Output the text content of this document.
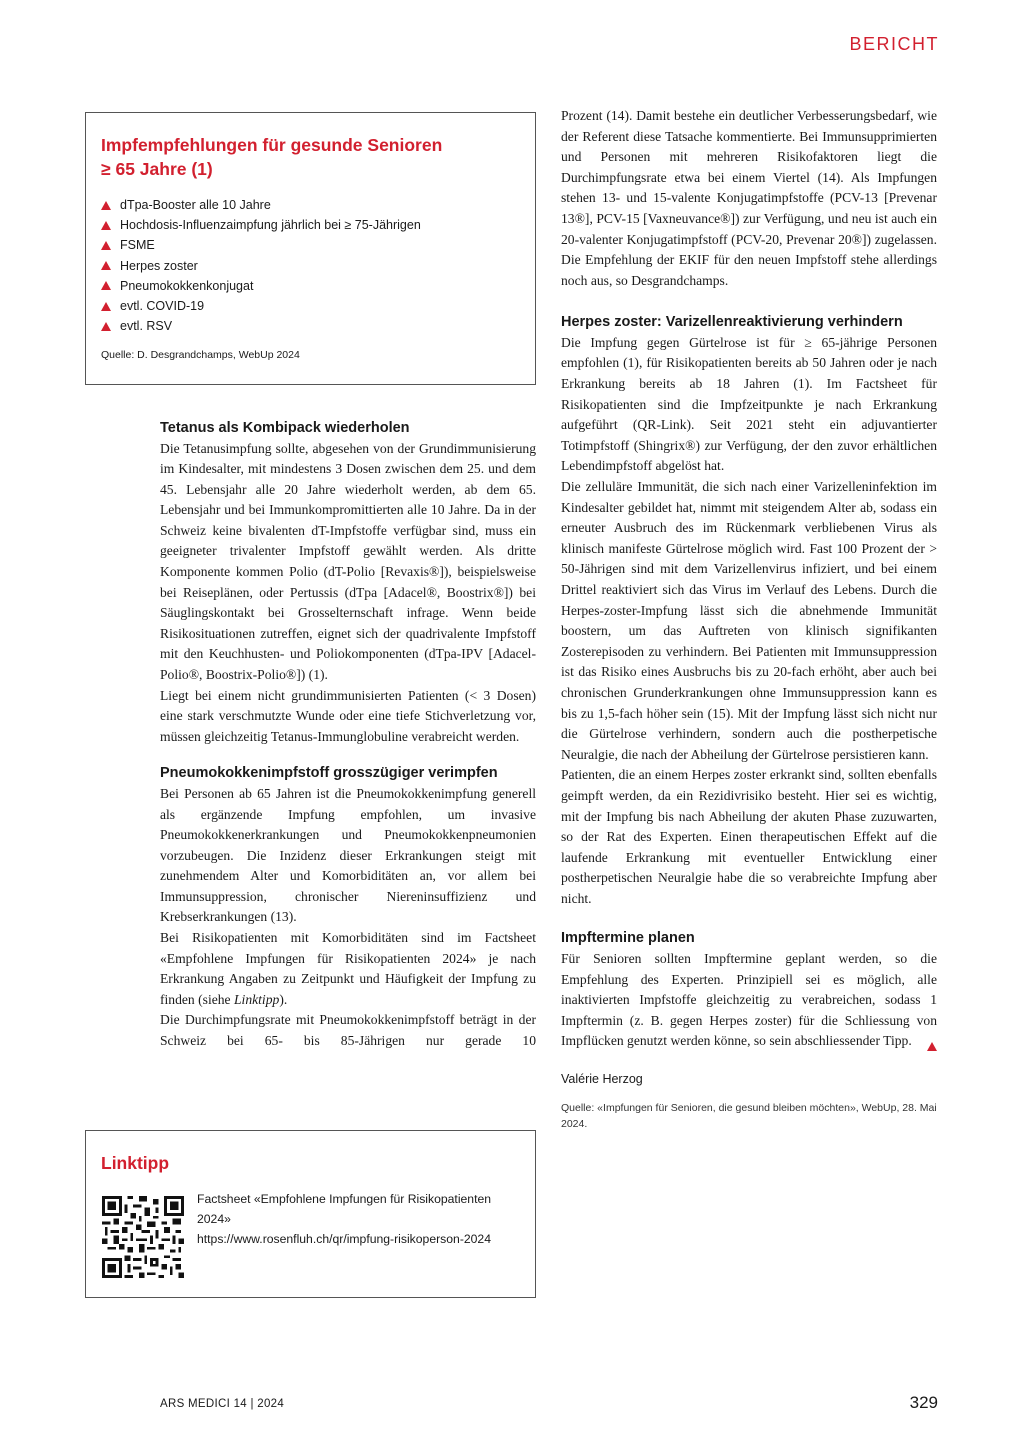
BERICHT
Impfempfehlungen für gesunde Senioren
≥ 65 Jahre (1)
dTpa-Booster alle 10 Jahre
Hochdosis-Influenzaimpfung jährlich bei ≥ 75-Jährigen
FSME
Herpes zoster
Pneumokokkenkonjugat
evtl. COVID-19
evtl. RSV
Quelle: D. Desgrandchamps, WebUp 2024
Tetanus als Kombipack wiederholen

Die Tetanusimpfung sollte, abgesehen von der Grundimmunisierung im Kindesalter, mit mindestens 3 Dosen zwischen dem 25. und dem 45. Lebensjahr alle 20 Jahre wiederholt werden, ab dem 65. Lebensjahr und bei Immunkompromittierten alle 10 Jahre. Da in der Schweiz keine bivalenten dT-Impfstoffe verfügbar sind, muss ein geeigneter trivalenter Impfstoff gewählt werden. Als dritte Komponente kommen Polio (dT-Polio [Revaxis®]), beispielsweise bei Reiseplänen, oder Pertussis (dTpa [Adacel®, Boostrix®]) bei Säuglingskontakt bei Grosselternschaft infrage. Wenn beide Risikosituationen zutreffen, eignet sich der quadrivalente Impfstoff mit den Keuchhusten- und Poliokomponenten (dTpa-IPV [Adacel-Polio®, Boostrix-Polio®]) (1).

Liegt bei einem nicht grundimmunisierten Patienten (< 3 Dosen) eine stark verschmutzte Wunde oder eine tiefe Stichverletzung vor, müssen gleichzeitig Tetanus-Immunglobuline verabreicht werden.

Pneumokokkenimpfstoff grosszügiger verimpfen

Bei Personen ab 65 Jahren ist die Pneumokokkenimpfung generell als ergänzende Impfung empfohlen, um invasive Pneumokokkenerkrankungen und Pneumokokkenpneumonien vorzubeugen. Die Inzidenz dieser Erkrankungen steigt mit zunehmendem Alter und Komorbiditäten an, vor allem bei Immunsuppression, chronischer Niereninsuffizienz und Krebserkrankungen (13).

Bei Risikopatienten mit Komorbiditäten sind im Factsheet «Empfohlene Impfungen für Risikopatienten 2024» je nach Erkrankung Angaben zu Zeitpunkt und Häufigkeit der Impfung zu finden (siehe Linktipp).

Die Durchimpfungsrate mit Pneumokokkenimpfstoff beträgt in der Schweiz bei 65- bis 85-Jährigen nur gerade 10

Linktipp
Factsheet «Empfohlene Impfungen für Risikopatienten 2024»
https://www.rosenfluh.ch/qr/impfung-risikoperson-2024

Prozent (14). Damit bestehe ein deutlicher Verbesserungsbedarf, wie der Referent diese Tatsache kommentierte. Bei Immunsupprimierten und Personen mit mehreren Risikofaktoren liegt die Durchimpfungsrate etwa bei einem Viertel (14). Als Impfungen stehen 13- und 15-valente Konjugatimpfstoffe (PCV-13 [Prevenar 13®], PCV-15 [Vaxneuvance®]) zur Verfügung, und neu ist auch ein 20-valenter Konjugatimpfstoff (PCV-20, Prevenar 20®]) zugelassen. Die Empfehlung der EKIF für den neuen Impfstoff stehe allerdings noch aus, so Desgrandchamps.

Herpes zoster: Varizellenreaktivierung verhindern

Die Impfung gegen Gürtelrose ist für ≥ 65-jährige Personen empfohlen (1), für Risikopatienten bereits ab 50 Jahren oder je nach Erkrankung bereits ab 18 Jahren (1). Im Factsheet für Risikopatienten sind die Impfzeitpunkte je nach Erkrankung aufgeführt (QR-Link). Seit 2021 steht ein adjuvantierter Totimpfstoff (Shingrix®) zur Verfügung, der den zuvor erhältlichen Lebendimpfstoff abgelöst hat.

Die zelluläre Immunität, die sich nach einer Varizelleninfektion im Kindesalter gebildet hat, nimmt mit steigendem Alter ab, sodass ein erneuter Ausbruch des im Rückenmark verbliebenen Virus als klinisch manifeste Gürtelrose möglich wird. Fast 100 Prozent der > 50-Jährigen sind mit dem Varizellenvirus infiziert, und bei einem Drittel reaktiviert sich das Virus im Verlauf des Lebens. Durch die Herpes-zoster-Impfung lässt sich die abnehmende Immunität boostern, um das Auftreten von klinisch signifikanten Zosterepisoden zu verhindern. Bei Patienten mit Immunsuppression ist das Risiko eines Ausbruchs bis zu 20-fach erhöht, aber auch bei chronischen Grunderkrankungen ohne Immunsuppression kann es bis zu 1,5-fach höher sein (15). Mit der Impfung lässt sich nicht nur die Gürtelrose verhindern, sondern auch die postherpetische Neuralgie, die nach der Abheilung der Gürtelrose persistieren kann.

Patienten, die an einem Herpes zoster erkrankt sind, sollten ebenfalls geimpft werden, da ein Rezidivrisiko besteht. Hier sei es wichtig, mit der Impfung bis nach Abheilung der akuten Phase zuzuwarten, so der Rat des Experten. Einen therapeutischen Effekt auf die laufende Erkrankung mit eventueller Entwicklung einer postherpetischen Neuralgie habe die so verabreichte Impfung aber nicht.

Impftermine planen

Für Senioren sollten Impftermine geplant werden, so die Empfehlung des Experten. Prinzipiell sei es möglich, alle inaktivierten Impfstoffe gleichzeitig zu verabreichen, sodass 1 Impftermin (z. B. gegen Herpes zoster) für die Schliessung von Impflücken genutzt werden könne, so sein abschliessender Tipp.

Valérie Herzog
Quelle: «Impfungen für Senioren, die gesund bleiben möchten», WebUp, 28. Mai 2024.
ARS MEDICI 14 | 2024	329
